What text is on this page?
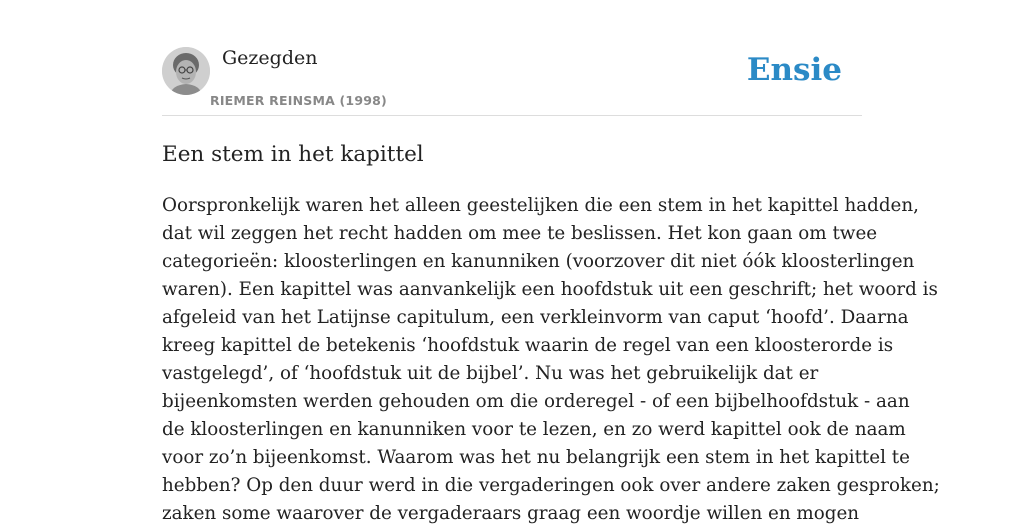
Gezegden
RIEMER REINSMA (1998)
Ensie
Een stem in het kapittel
Oorspronkelijk waren het alleen geestelijken die een stem in het kapittel hadden,
dat wil zeggen het recht hadden om mee te beslissen. Het kon gaan om twee
categorieën: kloosterlingen en kanunniken (voorzover dit niet óók kloosterlingen
waren). Een kapittel was aanvankelijk een hoofdstuk uit een geschrift; het woord is
afgeleid van het Latijnse capitulum, een verkleinvorm van caput ‘hoofd’. Daarna
kreeg kapittel de betekenis ‘hoofdstuk waarin de regel van een kloosterorde is
vastgelegd’, of ‘hoofdstuk uit de bijbel’. Nu was het gebruikelijk dat er
bijeenkomsten werden gehouden om die orderegel - of een bijbelhoofdstuk - aan
de kloosterlingen en kanunniken voor te lezen, en zo werd kapittel ook de naam
voor zo’n bijeenkomst. Waarom was het nu belangrijk een stem in het kapittel te
hebben? Op den duur werd in die vergaderingen ook over andere zaken gesproken;
zaken some waarover de vergaderaars graag een woordje willen en mogen
